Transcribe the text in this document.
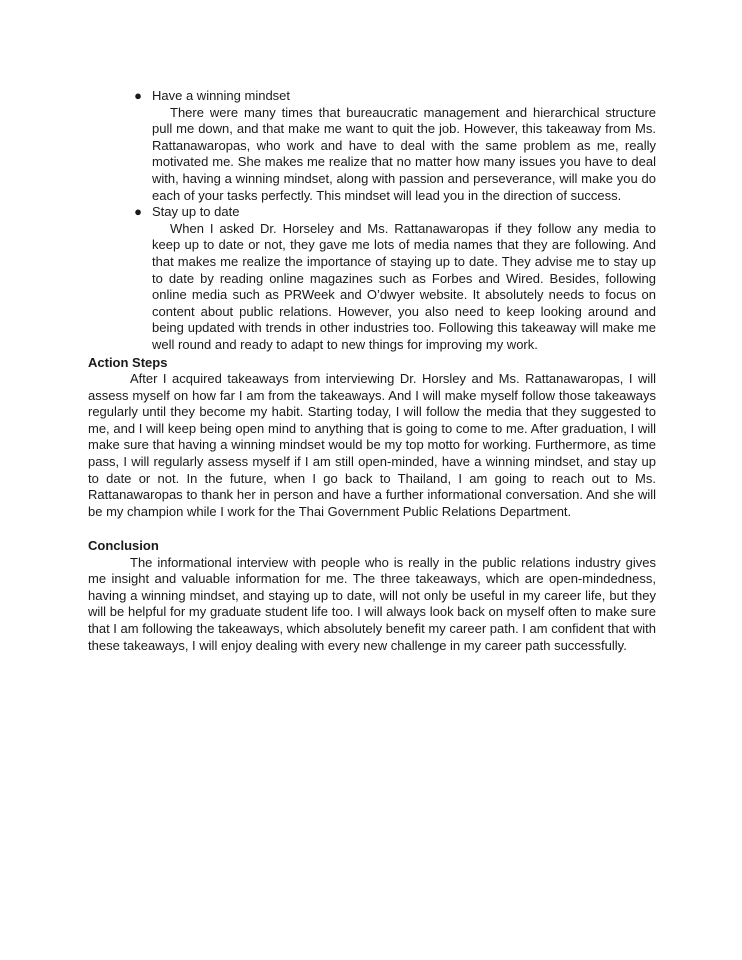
● Have a winning mindset
There were many times that bureaucratic management and hierarchical structure pull me down, and that make me want to quit the job. However, this takeaway from Ms. Rattanawaropas, who work and have to deal with the same problem as me, really motivated me. She makes me realize that no matter how many issues you have to deal with, having a winning mindset, along with passion and perseverance, will make you do each of your tasks perfectly. This mindset will lead you in the direction of success.
● Stay up to date
When I asked Dr. Horseley and Ms. Rattanawaropas if they follow any media to keep up to date or not, they gave me lots of media names that they are following. And that makes me realize the importance of staying up to date. They advise me to stay up to date by reading online magazines such as Forbes and Wired. Besides, following online media such as PRWeek and O’dwyer website. It absolutely needs to focus on content about public relations. However, you also need to keep looking around and being updated with trends in other industries too. Following this takeaway will make me well round and ready to adapt to new things for improving my work.
Action Steps
After I acquired takeaways from interviewing Dr. Horsley and Ms. Rattanawaropas, I will assess myself on how far I am from the takeaways. And I will make myself follow those takeaways regularly until they become my habit. Starting today, I will follow the media that they suggested to me, and I will keep being open mind to anything that is going to come to me. After graduation, I will make sure that having a winning mindset would be my top motto for working. Furthermore, as time pass, I will regularly assess myself if I am still open-minded, have a winning mindset, and stay up to date or not. In the future, when I go back to Thailand, I am going to reach out to Ms. Rattanawaropas to thank her in person and have a further informational conversation. And she will be my champion while I work for the Thai Government Public Relations Department.
Conclusion
The informational interview with people who is really in the public relations industry gives me insight and valuable information for me. The three takeaways, which are open-mindedness, having a winning mindset, and staying up to date, will not only be useful in my career life, but they will be helpful for my graduate student life too. I will always look back on myself often to make sure that I am following the takeaways, which absolutely benefit my career path. I am confident that with these takeaways, I will enjoy dealing with every new challenge in my career path successfully.
